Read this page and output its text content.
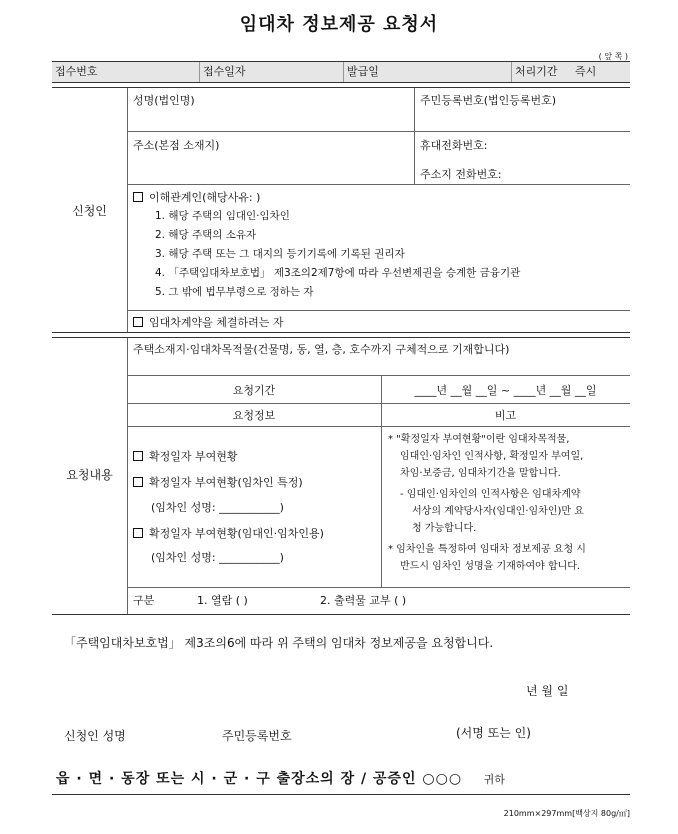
임대차 정보제공 요청서
( 앞 쪽 )
접수번호	접수일자	발급일	처리기간 즉시
신청인
성명(법인명)	주민등록번호(법인등록번호)
주소(본점 소재지)	휴대전화번호:
주소지 전화번호:
이해관계인(해당사유: )
1. 해당 주택의 임대인·임차인
2. 해당 주택의 소유자
3. 해당 주택 또는 그 대지의 등기기록에 기록된 권리자
4. 「주택임대차보호법」 제3조의2제7항에 따라 우선변제권을 승계한 금융기관
5. 그 밖에 법무부령으로 정하는 자
임대차계약을 체결하려는 자
요청내용
주택소재지·임대차목적물(건물명, 동, 열, 층, 호수까지 구체적으로 기재합니다)
요청기간	____년 __월 __일 ~ ____년 __월 __일
요청정보	비고
확정일자 부여현황
확정일자 부여현황(임차인 특정)
(임차인 성명: ___________)
확정일자 부여현황(임대인·임차인용)
(임차인 성명: ___________)
* "확정일자 부여현황"이란 임대차목적물,
임대인·임차인 인적사항, 확정일자 부여일,
차임·보증금, 임대차기간을 말합니다.
- 임대인·임차인의 인적사항은 임대차계약
서상의 계약당사자(임대인·임차인)만 요
청 가능합니다.
* 임차인을 특정하여 임대차 정보제공 요청 시
반드시 임차인 성명을 기재하여야 합니다.
구분	1. 열람 ( )	2. 출력물 교부 ( )
「주택임대차보호법」 제3조의6에 따라 위 주택의 임대차 정보제공을 요청합니다.
년 월 일
신청인 성명	주민등록번호	(서명 또는 인)
읍 · 면 · 동장 또는 시 · 군 · 구 출장소의 장 / 공증인 ○○○ 귀하
210mm×297mm[백상지 80g/㎡]
